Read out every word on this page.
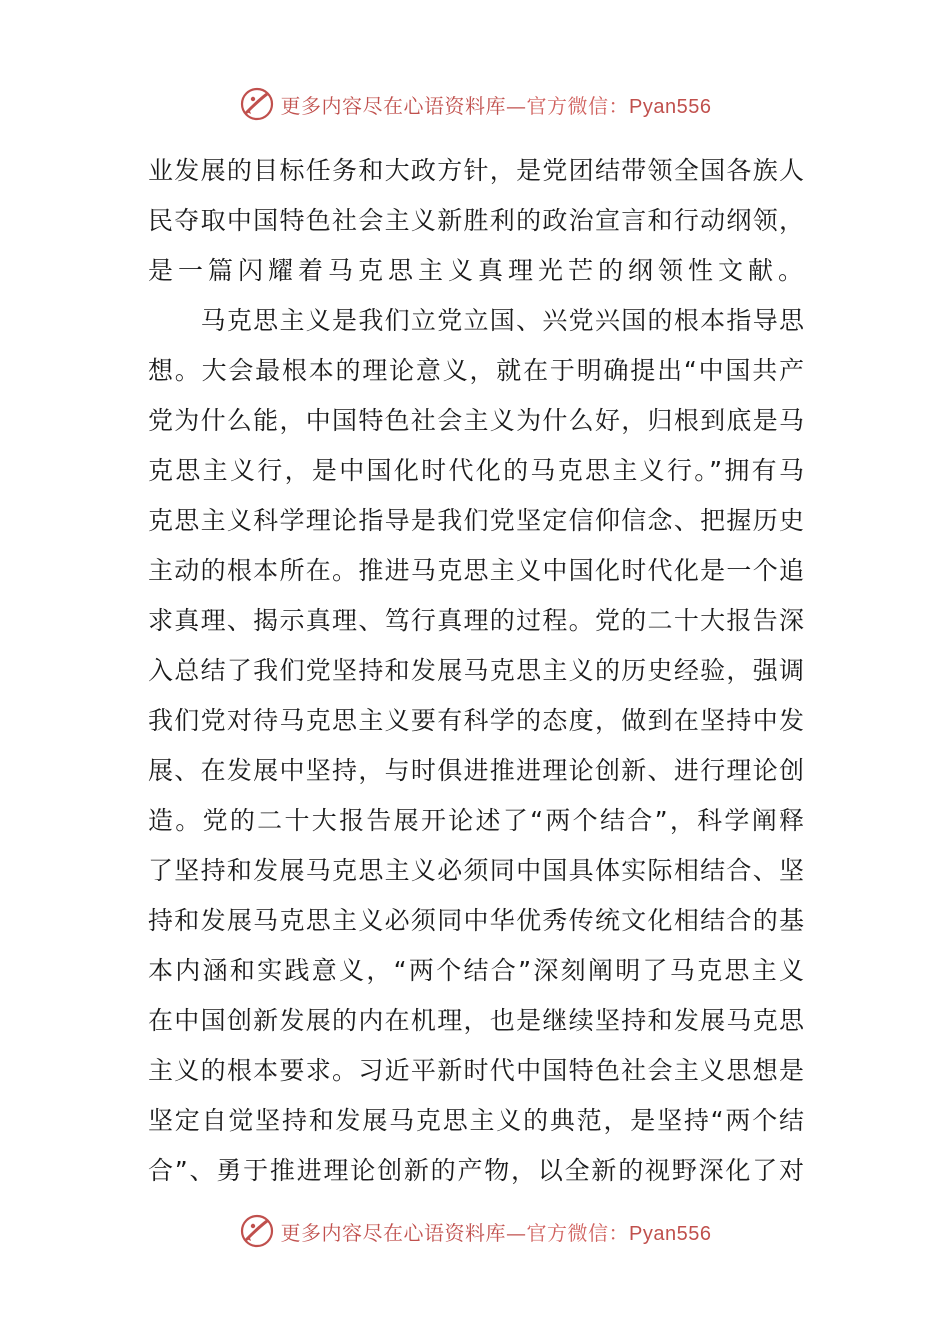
更多内容尽在心语资料库—官方微信：Pyan556
业发展的目标任务和大政方针，是党团结带领全国各族人
民夺取中国特色社会主义新胜利的政治宣言和行动纲领，
是一篇闪耀着马克思主义真理光芒的纲领性文献。
　　马克思主义是我们立党立国、兴党兴国的根本指导思
想。大会最根本的理论意义，就在于明确提出“中国共产
党为什么能，中国特色社会主义为什么好，归根到底是马
克思主义行，是中国化时代化的马克思主义行。”拥有马
克思主义科学理论指导是我们党坚定信仰信念、把握历史
主动的根本所在。推进马克思主义中国化时代化是一个追
求真理、揭示真理、笃行真理的过程。党的二十大报告深
入总结了我们党坚持和发展马克思主义的历史经验，强调
我们党对待马克思主义要有科学的态度，做到在坚持中发
展、在发展中坚持，与时俱进推进理论创新、进行理论创
造。党的二十大报告展开论述了“两个结合”，科学阐释
了坚持和发展马克思主义必须同中国具体实际相结合、坚
持和发展马克思主义必须同中华优秀传统文化相结合的基
本内涵和实践意义，“两个结合”深刻阐明了马克思主义
在中国创新发展的内在机理，也是继续坚持和发展马克思
主义的根本要求。习近平新时代中国特色社会主义思想是
坚定自觉坚持和发展马克思主义的典范，是坚持“两个结
合”、勇于推进理论创新的产物，以全新的视野深化了对
更多内容尽在心语资料库—官方微信：Pyan556
